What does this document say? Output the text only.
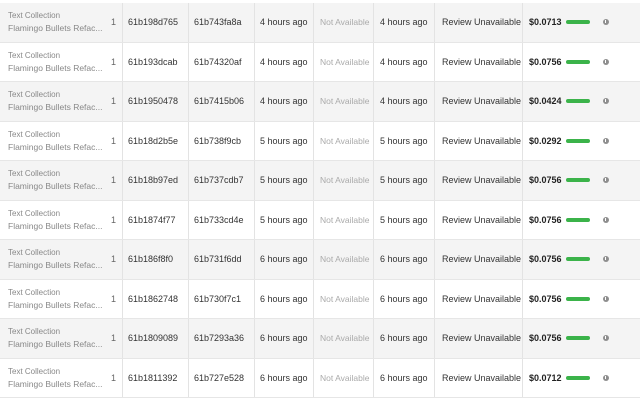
Text Collection
Flamingo Bullets Refac...
1 61b198d765 61b743fa8a 4 hours ago Not Available 4 hours ago Review Unavailable $0.0713
Text Collection
Flamingo Bullets Refac...
1 61b193dcab 61b74320af 4 hours ago Not Available 4 hours ago Review Unavailable $0.0756
Text Collection
Flamingo Bullets Refac...
1 61b1950478 61b7415b06 4 hours ago Not Available 4 hours ago Review Unavailable $0.0424
Text Collection
Flamingo Bullets Refac...
1 61b18d2b5e 61b738f9cb 5 hours ago Not Available 5 hours ago Review Unavailable $0.0292
Text Collection
Flamingo Bullets Refac...
1 61b18b97ed 61b737cdb7 5 hours ago Not Available 5 hours ago Review Unavailable $0.0756
Text Collection
Flamingo Bullets Refac...
1 61b1874f77 61b733cd4e 5 hours ago Not Available 5 hours ago Review Unavailable $0.0756
Text Collection
Flamingo Bullets Refac...
1 61b186f8f0 61b731f6dd 6 hours ago Not Available 6 hours ago Review Unavailable $0.0756
Text Collection
Flamingo Bullets Refac...
1 61b1862748 61b730f7c1 6 hours ago Not Available 6 hours ago Review Unavailable $0.0756
Text Collection
Flamingo Bullets Refac...
1 61b1809089 61b7293a36 6 hours ago Not Available 6 hours ago Review Unavailable $0.0756
Text Collection
Flamingo Bullets Refac...
1 61b1811392 61b727e528 6 hours ago Not Available 6 hours ago Review Unavailable $0.0712
